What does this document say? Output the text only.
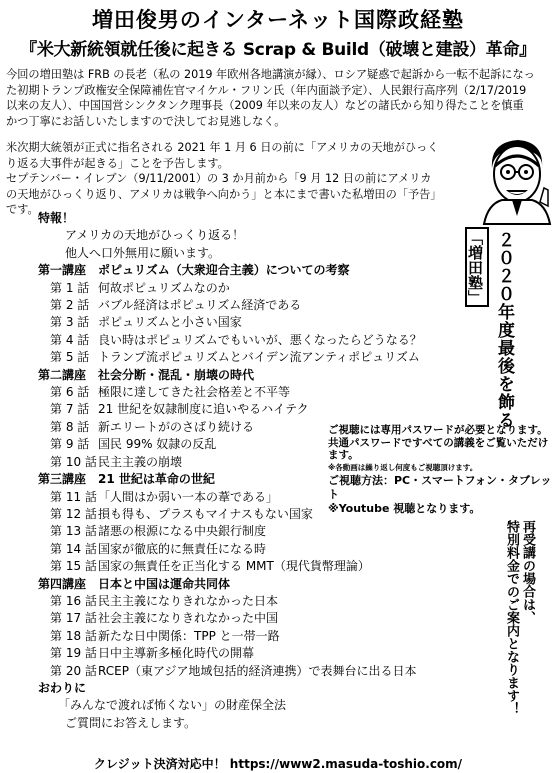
増田俊男のインターネット国際政経塾
『米大新統領就任後に起きる Scrap & Build（破壊と建設）革命』
今回の増田塾は FRB の長老（私の 2019 年欧州各地講演が縁）、ロシア疑惑で起訴から一転不起訴になっ
た初期トランプ政権安全保障補佐官マイケル・フリン氏（年内面談予定）、人民銀行高序列（2/17/2019
以来の友人）、中国国営シンクタンク理事長（2009 年以来の友人）などの諸氏から知り得たことを慎重
かつ丁寧にお話しいたしますので決してお見逃しなく。
米次期大統領が正式に指名される 2021 年 1 月 6 日の前に「アメリカの天地がひっく
り返る大事件が起きる」ことを予告します。
セプテンバー・イレブン（9/11/2001）の 3 か月前から「9 月 12 日の前にアメリカ
の天地がひっくり返り、アメリカは戦争へ向かう」と本にまで書いた私増田の「予告」
です。
「増田塾」 ２０２０年度最後を飾る
特報！
アメリカの天地がひっくり返る！
他人へ口外無用に願います。
第一講座　ポピュリズム（大衆迎合主義）についての考察
第 1 話 何故ポピュリズムなのか
第 2 話 バブル経済はポピュリズム経済である
第 3 話 ポピュリズムと小さい国家
第 4 話 良い時はポピュリズムでもいいが、悪くなったらどうなる？
第 5 話 トランプ流ポピュリズムとバイデン流アンティポピュリズム
第二講座　社会分断・混乱・崩壊の時代
第 6 話 極限に達してきた社会格差と不平等
第 7 話 21 世紀を奴隷制度に追いやるハイテク
第 8 話 新エリートがのさばり続ける
第 9 話 国民 99% 奴隷の反乱
第 10 話民主主義の崩壊
第三講座　21 世紀は革命の世紀
第 11 話「人間はか弱い一本の葦である」
第 12 話損も得も、プラスもマイナスもない国家
第 13 話諸悪の根源になる中央銀行制度
第 14 話国家が徹底的に無責任になる時
第 15 話国家の無責任を正当化する MMT（現代貨幣理論）
第四講座　日本と中国は運命共同体
第 16 話民主主義になりきれなかった日本
第 17 話社会主義になりきれなかった中国
第 18 話新たな日中関係：TPP と一帯一路
第 19 話日中主導新多極化時代の開幕
第 20 話RCEP（東アジア地域包括的経済連携）で表舞台に出る日本
おわりに
「みんなで渡れば怖くない」の財産保全法
ご質問にお答えします。
ご視聴には専用パスワードが必要となります。
共通パスワードですべての講義をご覧いただけます。
※各動画は繰り返し何度もご視聴頂けます。
ご視聴方法：PC・スマートフォン・タブレット
※Youtube 視聴となります。
再受講の場合は、
特別料金でのご案内となります！
クレジット決済対応中！ https://www2.masuda-toshio.com/
